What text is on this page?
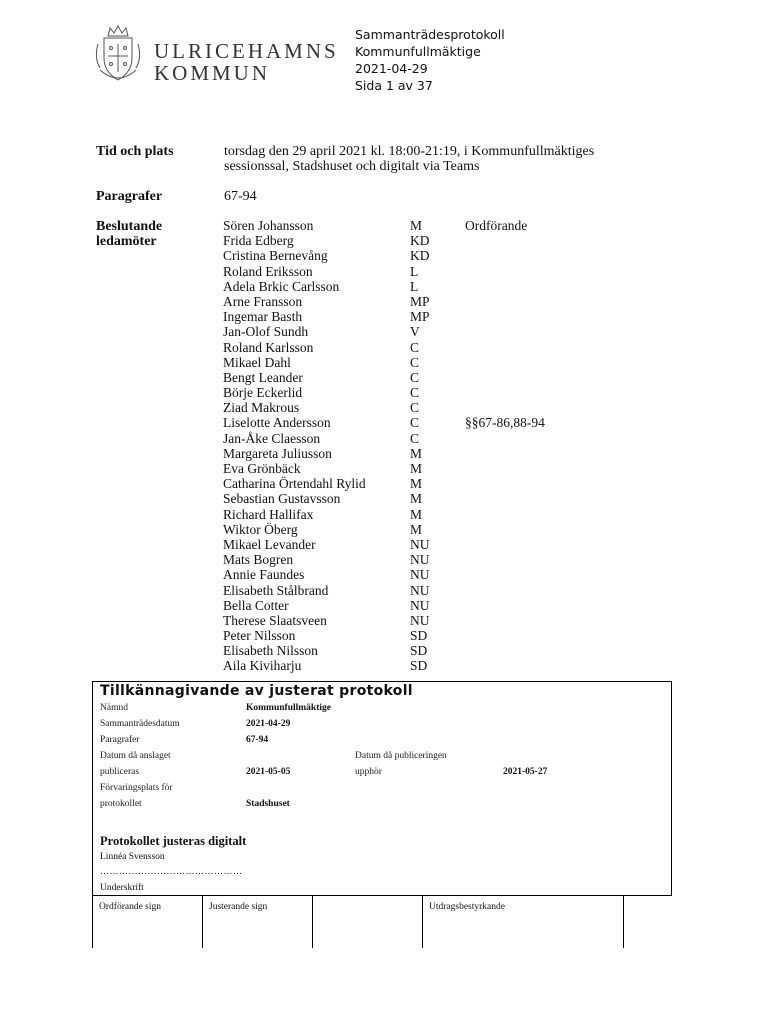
ULRICEHAMNS
KOMMUN
Sammanträdesprotokoll
Kommunfullmäktige
2021-04-29
Sida 1 av 37
Tid och plats	torsdag den 29 april 2021 kl. 18:00-21:19, i Kommunfullmäktiges
sessionssal, Stadshuset och digitalt via Teams
Paragrafer	67-94
Beslutande
ledamöter
Sören Johansson	M	Ordförande
Frida Edberg	KD
Cristina Bernevång	KD
Roland Eriksson	L
Adela Brkic Carlsson	L
Arne Fransson	MP
Ingemar Basth	MP
Jan-Olof Sundh	V
Roland Karlsson	C
Mikael Dahl	C
Bengt Leander	C
Börje Eckerlid	C
Ziad Makrous	C
Liselotte Andersson	C	§§67-86,88-94
Jan-Åke Claesson	C
Margareta Juliusson	M
Eva Grönbäck	M
Catharina Örtendahl Rylid	M
Sebastian Gustavsson	M
Richard Hallifax	M
Wiktor Öberg	M
Mikael Levander	NU
Mats Bogren	NU
Annie Faundes	NU
Elisabeth Stålbrand	NU
Bella Cotter	NU
Therese Slaatsveen	NU
Peter Nilsson	SD
Elisabeth Nilsson	SD
Aila Kiviharju	SD
Tillkännagivande av justerat protokoll
Nämnd	Kommunfullmäktige
Sammanträdesdatum	2021-04-29
Paragrafer	67-94
Datum då anslaget
publiceras	2021-05-05
Datum då publiceringen
upphör	2021-05-27
Förvaringsplats för
protokollet	Stadshuset
Protokollet justeras digitalt
Linnéa Svensson
………………………………………
Underskrift
Ordförande sign	Justerande sign	Utdragsbestyrkande
